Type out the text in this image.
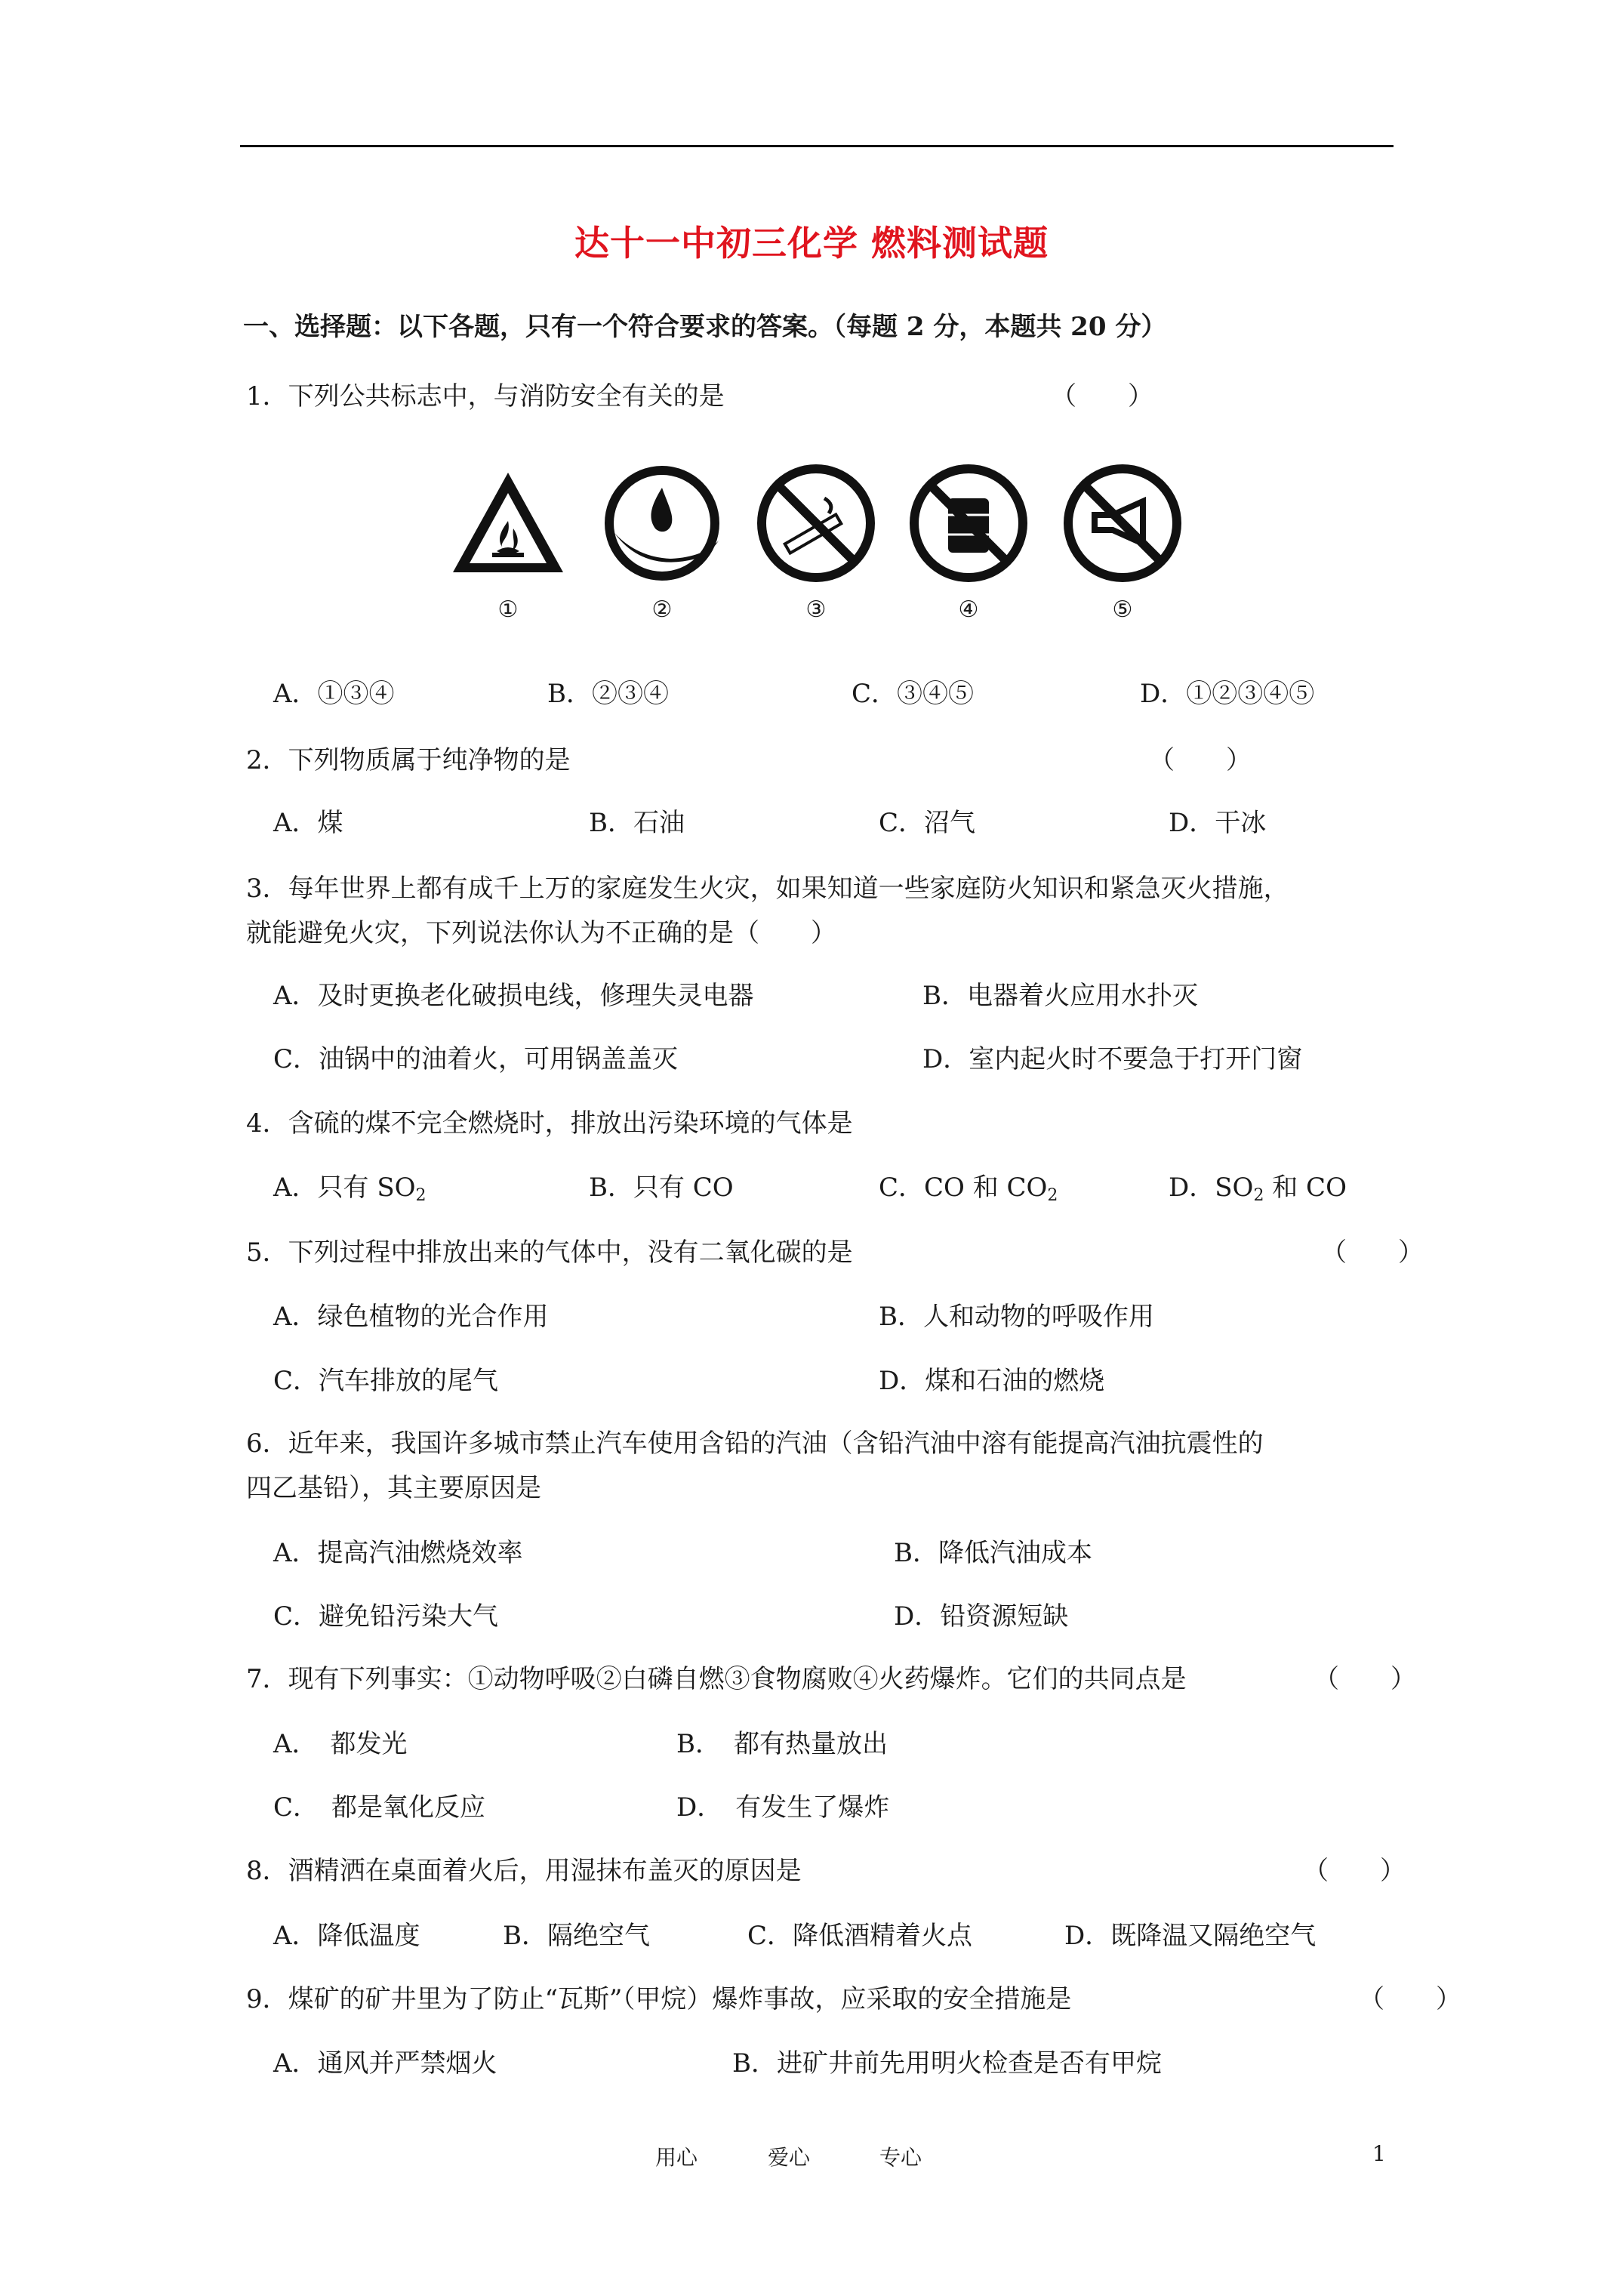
达十一中初三化学 燃料测试题
一、选择题：以下各题，只有一个符合要求的答案。（每题 2 分，本题共 20 分）
1．下列公共标志中，与消防安全有关的是	（　　）
①	②	③	④	⑤
A．①③④	B．②③④	C．③④⑤	D．①②③④⑤
2．下列物质属于纯净物的是	（　　）
A．煤	B．石油	C．沼气	D．干冰
3．每年世界上都有成千上万的家庭发生火灾，如果知道一些家庭防火知识和紧急灭火措施，
就能避免火灾，下列说法你认为不正确的是（　　）
A．及时更换老化破损电线，修理失灵电器	B．电器着火应用水扑灭
C．油锅中的油着火，可用锅盖盖灭	D．室内起火时不要急于打开门窗
4．含硫的煤不完全燃烧时，排放出污染环境的气体是
A．只有 $SO_2$	B．只有 CO	C．CO 和 $CO_2$	D．$SO_2$ 和 CO
5．下列过程中排放出来的气体中，没有二氧化碳的是	（　　）
A．绿色植物的光合作用	B．人和动物的呼吸作用
C．汽车排放的尾气	D．煤和石油的燃烧
6．近年来，我国许多城市禁止汽车使用含铅的汽油（含铅汽油中溶有能提高汽油抗震性的
四乙基铅），其主要原因是
A．提高汽油燃烧效率	B．降低汽油成本
C．避免铅污染大气	D．铅资源短缺
7．现有下列事实：①动物呼吸②白磷自燃③食物腐败④火药爆炸。它们的共同点是	（　　）
A．　都发光	B．　都有热量放出
C．　都是氧化反应	D．　有发生了爆炸
8．酒精洒在桌面着火后，用湿抹布盖灭的原因是	（　　）
A．降低温度	B．隔绝空气	C．降低酒精着火点	D．既降温又隔绝空气
9．煤矿的矿井里为了防止“瓦斯”（甲烷）爆炸事故，应采取的安全措施是	（　　）
A．通风并严禁烟火	B．进矿井前先用明火检查是否有甲烷
用心	爱心	专心	1
